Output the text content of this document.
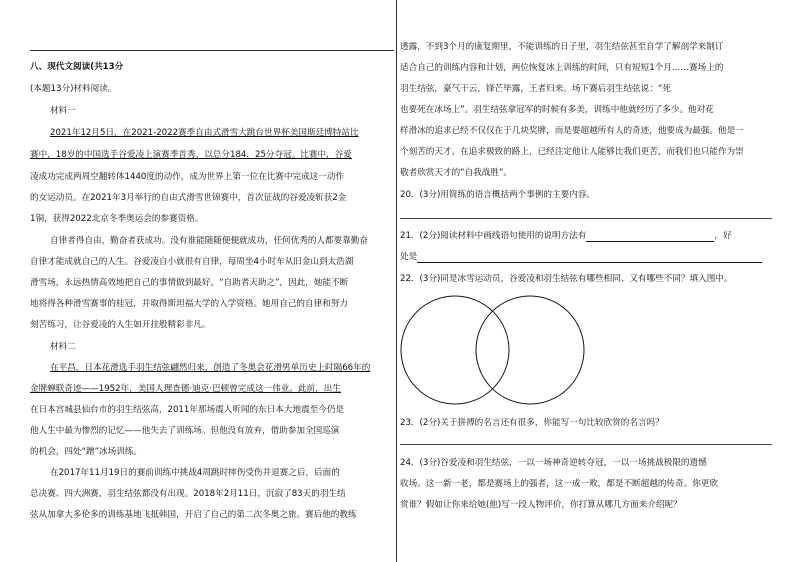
八、现代文阅读(共13分
(本题13分)材料阅读。
材料一
2021年12月5日，在2021-2022赛季自由式滑雪大跳台世界杯美国斯廷博特站比
赛中，18岁的中国选手谷爱凌上演赛季首秀，以总分184．25分夺冠。比赛中，谷爱
凌成功完成两周空翻转体1440度的动作，成为世界上第一位在比赛中完成这一动作
的女运动员。在2021年3月举行的自由式滑雪世锦赛中，首次征战的谷爱凌斩获2金
1铜，获得2022北京冬季奥运会的参赛资格。
自律者得自由，勤奋者获成功。没有谁能随随便便就成功，任何优秀的人都要靠勤奋
自律才能成就自己的人生。谷爱凌自小就很有自律，每周坐4小时车从旧金山到太浩湖
滑雪场，永远热情高效地把自己的事情做到最好。“自助者天助之”，因此，她能不断
地将得各种滑雪赛事的桂冠，并取得斯坦福大学的入学资格。她用自己的自律和努力
刻苦练习，让谷爱凌的人生如开挂般精彩非凡。
材料二
在平昌，日本花滑选手羽生结弦翩然归来，创造了冬奥会花滑男单历史上时隔66年的
金牌蝉联奇迹——1952年，美国人理查德·迪克·巴顿曾完成这一伟业。此前，出生
在日本宫城县仙台市的羽生结弦高，2011年那场震人听闻的东日本大地震至今仍是
他人生中最为惨烈的记忆——他失去了训练场。但他没有放弃，借助参加全国巡演
的机会，四处“蹭”冰场训练。
在2017年11月19日的赛前训练中挑战4周跳时摔伤受伤并退赛之后，后面的
总决赛、四大洲赛，羽生结弦都没有出现。2018年2月11日，沉寂了83天的羽生结
弦从加拿大多伦多的训练基地飞抵韩国，开启了自己的第二次冬奥之旅。赛后他的教练
透露，不到3个月的康复期里，不能训练的日子里，羽生结弦甚至自学了解剖学来制订
适合自己的训练内容和计划，两位恢复冰上训练的时间，只有短短1个月……赛场上的
羽生结弦，豪气干云，锋芒毕露，王者归来。场下赛后羽生结弦说：“死
也要死在冰场上”。羽生结弦拿冠军的时候有多美，训练中他就经历了多少。他对花
样滑冰的追求已经不仅仅在于几块奖牌，而是要超越所有人的奇迹，他要成为最强。他是一
个刻苦的天才，在追求极致的路上，已经注定他让人能够比我们更苦，而我们也只能作为崇
敬者欣赏天才的“自我战胜”。
20．(3分)用简练的语言概括两个事例的主要内容。
21．(2分)阅读材料中画线语句使用的说明方法有	，好
处是
22．(3分)同是冰雪运动员，谷爱凌和羽生结弦有哪些相同、又有哪些不同？填入图中。
23．(2分)关于拼搏的名言还有很多，你能写一句比较欣赏的名言吗？
24．(3分)谷爱凌和羽生结弦，一以一场神奇逆转夺冠，一以一场挑战极限的遗憾
收场。这一新一老，都是赛场上的强者，这一成一败，都是不断超越的传奇。你更欣
赏谁？假如让你来给她(他)写一段人物评价，你打算从哪几方面来介绍呢？
